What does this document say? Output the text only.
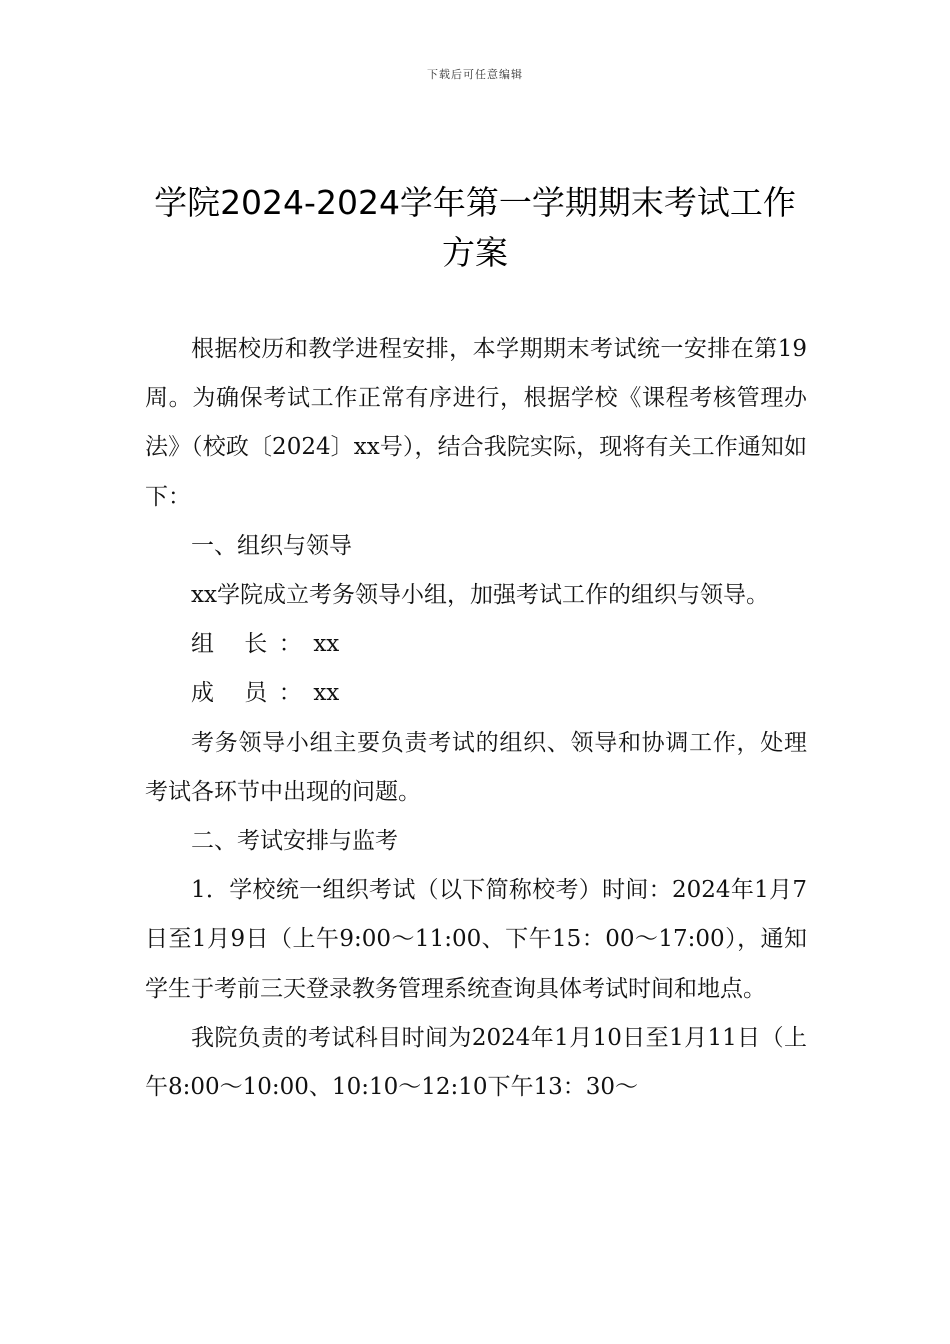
下载后可任意编辑
学院2024-2024学年第一学期期末考试工作方案

根据校历和教学进程安排，本学期期末考试统一安排在第19周。为确保考试工作正常有序进行，根据学校《课程考核管理办法》（校政〔2024〕xx号），结合我院实际，现将有关工作通知如下：

一、组织与领导

xx学院成立考务领导小组，加强考试工作的组织与领导。

组 长：xx

成 员：xx

考务领导小组主要负责考试的组织、领导和协调工作，处理考试各环节中出现的问题。

二、考试安排与监考

1．学校统一组织考试（以下简称校考）时间：2024年1月7日至1月9日（上午9:00～11:00、下午15：00～17:00），通知学生于考前三天登录教务管理系统查询具体考试时间和地点。

我院负责的考试科目时间为2024年1月10日至1月11日（上午8:00～10:00、10:10～12:10下午13：30～
